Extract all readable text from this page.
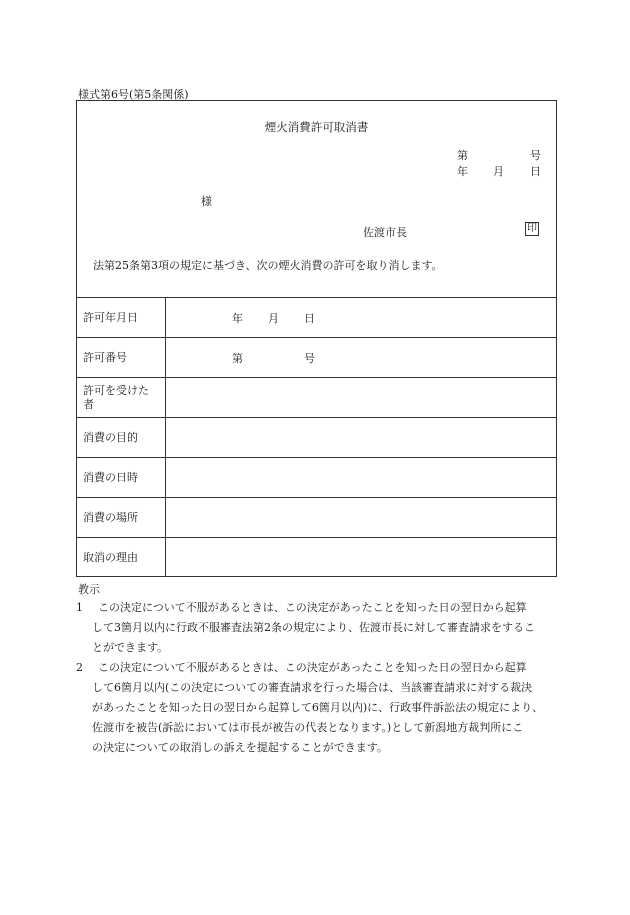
様式第6号(第5条関係)
煙火消費許可取消書
第	号
年 月 日
様
佐渡市長	印
法第25条第3項の規定に基づき、次の煙火消費の許可を取り消します。
許可年月日	年 月 日

許可番号	第 号

許可を受けた
者	
消費の目的	
消費の日時	
消費の場所	
取消の理由	
教示
1	この決定について不服があるときは、この決定があったことを知った日の翌日から起算
して3箇月以内に行政不服審査法第2条の規定により、佐渡市長に対して審査請求をするこ
とができます。
2	この決定について不服があるときは、この決定があったことを知った日の翌日から起算
して6箇月以内(この決定についての審査請求を行った場合は、当該審査請求に対する裁決
があったことを知った日の翌日から起算して6箇月以内)に、行政事件訴訟法の規定により、
佐渡市を被告(訴訟においては市長が被告の代表となります。)として新潟地方裁判所にこ
の決定についての取消しの訴えを提起することができます。
